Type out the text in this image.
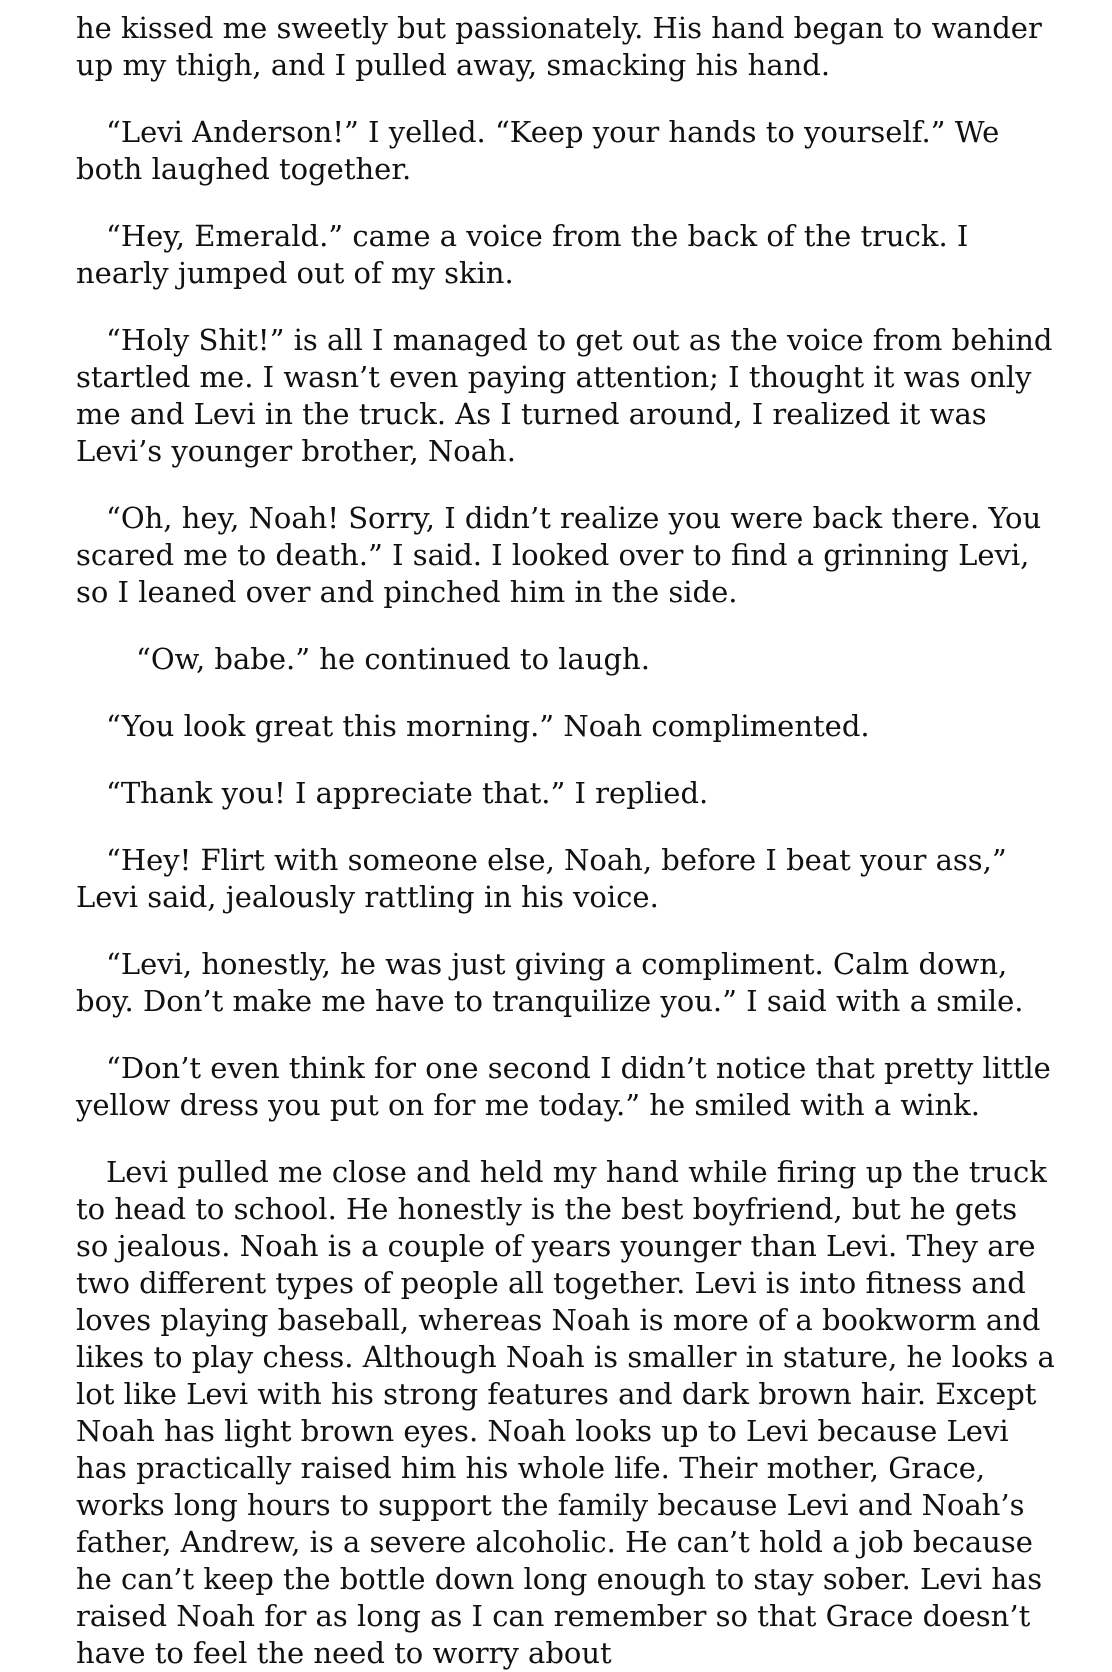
he kissed me sweetly but passionately. His hand began to wander up my thigh, and I pulled away, smacking his hand.

“Levi Anderson!” I yelled. “Keep your hands to yourself.” We both laughed together.

“Hey, Emerald.” came a voice from the back of the truck. I nearly jumped out of my skin.

“Holy Shit!” is all I managed to get out as the voice from behind startled me. I wasn’t even paying attention; I thought it was only me and Levi in the truck. As I turned around, I realized it was Levi’s younger brother, Noah.

“Oh, hey, Noah! Sorry, I didn’t realize you were back there. You scared me to death.” I said. I looked over to find a grinning Levi, so I leaned over and pinched him in the side.

“Ow, babe.” he continued to laugh.

“You look great this morning.” Noah complimented.

“Thank you! I appreciate that.” I replied.

“Hey! Flirt with someone else, Noah, before I beat your ass,” Levi said, jealously rattling in his voice.

“Levi, honestly, he was just giving a compliment. Calm down, boy. Don’t make me have to tranquilize you.” I said with a smile.

“Don’t even think for one second I didn’t notice that pretty little yellow dress you put on for me today.” he smiled with a wink.

Levi pulled me close and held my hand while firing up the truck to head to school. He honestly is the best boyfriend, but he gets so jealous. Noah is a couple of years younger than Levi. They are two different types of people all together. Levi is into fitness and loves playing baseball, whereas Noah is more of a bookworm and likes to play chess. Although Noah is smaller in stature, he looks a lot like Levi with his strong features and dark brown hair. Except Noah has light brown eyes. Noah looks up to Levi because Levi has practically raised him his whole life. Their mother, Grace, works long hours to support the family because Levi and Noah’s father, Andrew, is a severe alcoholic. He can’t hold a job because he can’t keep the bottle down long enough to stay sober. Levi has raised Noah for as long as I can remember so that Grace doesn’t have to feel the need to worry about
